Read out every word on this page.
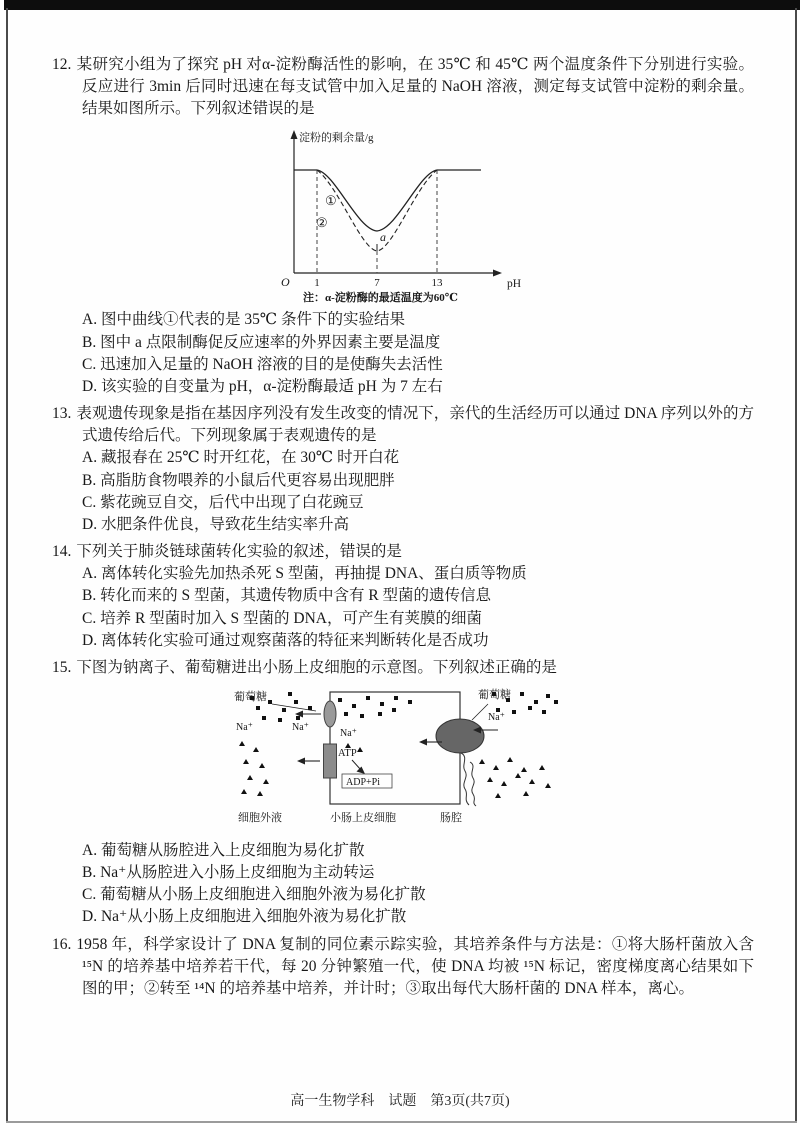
12. 某研究小组为了探究 pH 对α-淀粉酶活性的影响，在 35℃ 和 45℃ 两个温度条件下分别进行实验。反应进行 3min 后同时迅速在每支试管中加入足量的 NaOH 溶液，测定每支试管中淀粉的剩余量。结果如图所示。下列叙述错误的是
淀粉的剩余量/g
pH
O 1	7	13
①
②
a
注：α-淀粉酶的最适温度为60℃
A. 图中曲线①代表的是 35℃ 条件下的实验结果
B. 图中 a 点限制酶促反应速率的外界因素主要是温度
C. 迅速加入足量的 NaOH 溶液的目的是使酶失去活性
D. 该实验的自变量为 pH，α-淀粉酶最适 pH 为 7 左右
13. 表观遗传现象是指在基因序列没有发生改变的情况下，亲代的生活经历可以通过 DNA 序列以外的方式遗传给后代。下列现象属于表观遗传的是
A. 藏报春在 25℃ 时开红花，在 30℃ 时开白花
B. 高脂肪食物喂养的小鼠后代更容易出现肥胖
C. 紫花豌豆自交，后代中出现了白花豌豆
D. 水肥条件优良，导致花生结实率升高
14. 下列关于肺炎链球菌转化实验的叙述，错误的是
A. 离体转化实验先加热杀死 S 型菌，再抽提 DNA、蛋白质等物质
B. 转化而来的 S 型菌，其遗传物质中含有 R 型菌的遗传信息
C. 培养 R 型菌时加入 S 型菌的 DNA，可产生有荚膜的细菌
D. 离体转化实验可通过观察菌落的特征来判断转化是否成功
15. 下图为钠离子、葡萄糖进出小肠上皮细胞的示意图。下列叙述正确的是
葡萄糖	葡萄糖
Na⁺	Na⁺
Na⁺
Na⁺
ATP
ADP+Pi
细胞外液	小肠上皮细胞	肠腔
A. 葡萄糖从肠腔进入上皮细胞为易化扩散
B. Na⁺从肠腔进入小肠上皮细胞为主动转运
C. 葡萄糖从小肠上皮细胞进入细胞外液为易化扩散
D. Na⁺从小肠上皮细胞进入细胞外液为易化扩散
16. 1958 年，科学家设计了 DNA 复制的同位素示踪实验，其培养条件与方法是：①将大肠杆菌放入含 ¹⁵N 的培养基中培养若干代，每 20 分钟繁殖一代，使 DNA 均被 ¹⁵N 标记，密度梯度离心结果如下图的甲；②转至 ¹⁴N 的培养基中培养，并计时；③取出每代大肠杆菌的 DNA 样本，离心。
高一生物学科　试题　第3页(共7页)
